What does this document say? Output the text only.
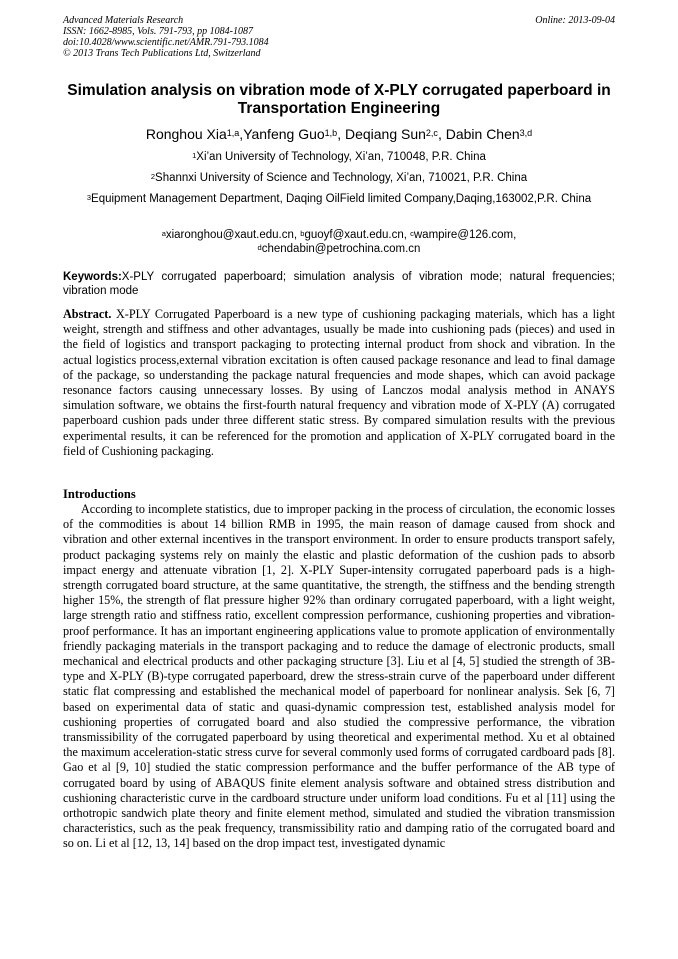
Advanced Materials Research
ISSN: 1662-8985, Vols. 791-793, pp 1084-1087
doi:10.4028/www.scientific.net/AMR.791-793.1084
© 2013 Trans Tech Publications Ltd, Switzerland
Online: 2013-09-04
Simulation analysis on vibration mode of X-PLY corrugated paperboard in Transportation Engineering
Ronghou Xia$^{1,a}$,Yanfeng Guo$^{1,b}$, Deqiang Sun$^{2,c}$, Dabin Chen$^{3,d}$
$^1$Xi’an University of Technology, Xi’an, 710048, P.R. China
$^2$Shannxi University of Science and Technology, Xi’an, 710021, P.R. China
$^3$Equipment Management Department, Daqing OilField limited Company,Daqing,163002,P.R. China
$^a$xiaronghou@xaut.edu.cn, $^b$guoyf@xaut.edu.cn, $^c$wampire@126.com,
$^d$chendabin@petrochina.com.cn
Keywords:X-PLY corrugated paperboard; simulation analysis of vibration mode; natural frequencies; vibration mode
Abstract. X-PLY Corrugated Paperboard is a new type of cushioning packaging materials, which has a light weight, strength and stiffness and other advantages, usually be made into cushioning pads (pieces) and used in the field of logistics and transport packaging to protecting internal product from shock and vibration. In the actual logistics process,external vibration excitation is often caused package resonance and lead to final damage of the package, so understanding the package natural frequencies and mode shapes, which can avoid package resonance factors causing unnecessary losses. By using of Lanczos modal analysis method in ANAYS simulation software, we obtains the first-fourth natural frequency and vibration mode of X-PLY (A) corrugated paperboard cushion pads under three different static stress. By compared simulation results with the previous experimental results, it can be referenced for the promotion and application of X-PLY corrugated board in the field of Cushioning packaging.
Introductions
According to incomplete statistics, due to improper packing in the process of circulation, the economic losses of the commodities is about 14 billion RMB in 1995, the main reason of damage caused from shock and vibration and other external incentives in the transport environment. In order to ensure products transport safely, product packaging systems rely on mainly the elastic and plastic deformation of the cushion pads to absorb impact energy and attenuate vibration [1, 2]. X-PLY Super-intensity corrugated paperboard pads is a high-strength corrugated board structure, at the same quantitative, the strength, the stiffness and the bending strength higher 15%, the strength of flat pressure higher 92% than ordinary corrugated paperboard, with a light weight, large strength ratio and stiffness ratio, excellent compression performance, cushioning properties and vibration-proof performance. It has an important engineering applications value to promote application of environmentally friendly packaging materials in the transport packaging and to reduce the damage of electronic products, small mechanical and electrical products and other packaging structure [3]. Liu et al [4, 5] studied the strength of 3B-type and X-PLY (B)-type corrugated paperboard, drew the stress-strain curve of the paperboard under different static flat compressing and established the mechanical model of paperboard for nonlinear analysis. Sek [6, 7] based on experimental data of static and quasi-dynamic compression test, established analysis model for cushioning properties of corrugated board and also studied the compressive performance, the vibration transmissibility of the corrugated paperboard by using theoretical and experimental method. Xu et al obtained the maximum acceleration-static stress curve for several commonly used forms of corrugated cardboard pads [8]. Gao et al [9, 10] studied the static compression performance and the buffer performance of the AB type of corrugated board by using of ABAQUS finite element analysis software and obtained stress distribution and cushioning characteristic curve in the cardboard structure under uniform load conditions. Fu et al [11] using the orthotropic sandwich plate theory and finite element method, simulated and studied the vibration transmission characteristics, such as the peak frequency, transmissibility ratio and damping ratio of the corrugated board and so on. Li et al [12, 13, 14] based on the drop impact test, investigated dynamic
